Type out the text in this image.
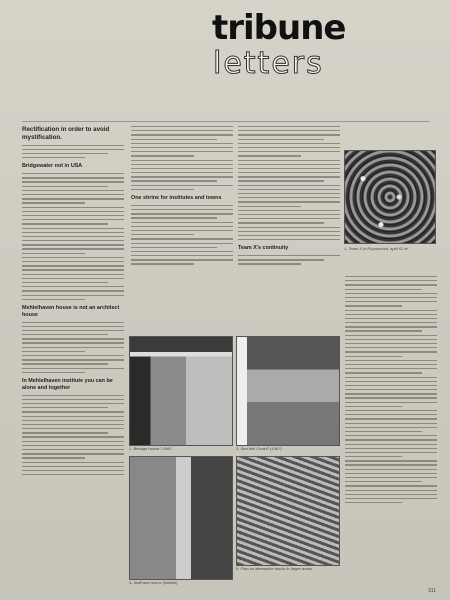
tribune
letters
Rectification in order to avoid mystification.
Bridgewater not in USA
Mehlelhaven house is not an architect house
In Mehlelhaven institute you can be alone and together
One shrine for institutes and towns
Team X's continuity	1. Team X in Royaumont, april 62 et
2. Berlage house? 1960	3. Sea Mel Coast? (1967)
4. Staff and rooms (hidden)
5. Plan on alternative tracks in larger areas
311
